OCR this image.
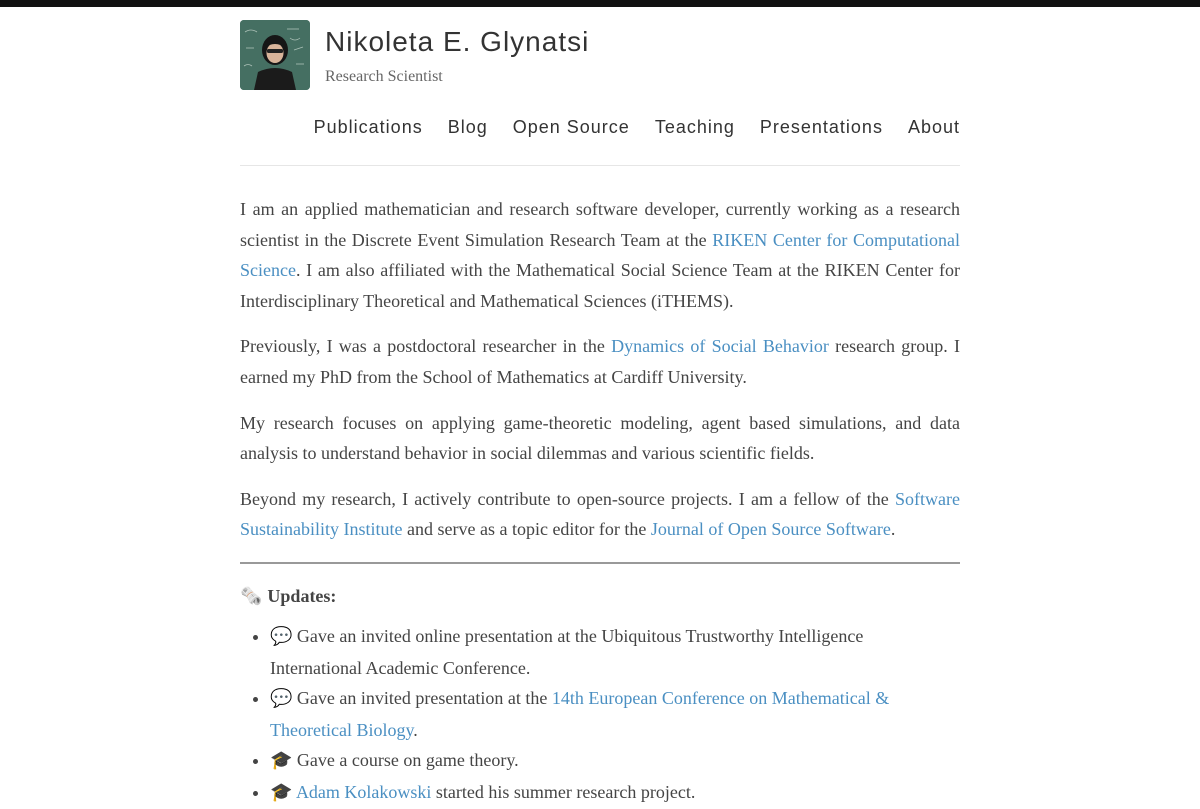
Nikoleta E. Glynatsi
Research Scientist
Publications Blog Open Source Teaching Presentations About

I am an applied mathematician and research software developer, currently working as a research scientist in the Discrete Event Simulation Research Team at the RIKEN Center for Computational Science. I am also affiliated with the Mathematical Social Science Team at the RIKEN Center for Interdisciplinary Theoretical and Mathematical Sciences (iTHEMS).

Previously, I was a postdoctoral researcher in the Dynamics of Social Behavior research group. I earned my PhD from the School of Mathematics at Cardiff University.

My research focuses on applying game-theoretic modeling, agent based simulations, and data analysis to understand behavior in social dilemmas and various scientific fields.

Beyond my research, I actively contribute to open-source projects. I am a fellow of the Software Sustainability Institute and serve as a topic editor for the Journal of Open Source Software.

🗞️ Updates:
• 💬 Gave an invited online presentation at the Ubiquitous Trustworthy Intelligence International Academic Conference.
• 💬 Gave an invited presentation at the 14th European Conference on Mathematical & Theoretical Biology.
• 🎓 Gave a course on game theory.
• 🎓 Adam Kolakowski started his summer research project.
